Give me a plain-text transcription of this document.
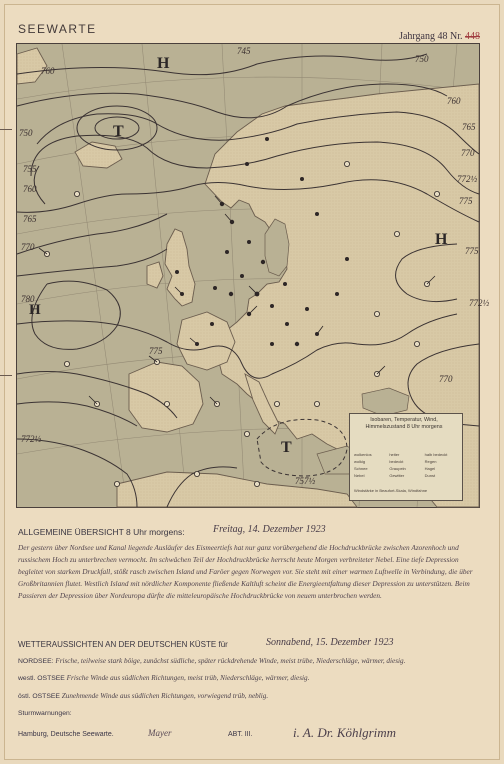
SEEWARTE
Jahrgang 48 Nr. 448
745
750
760
760
765
770
772½
775
775
772½
770
750
755
760
765
770
780
772½
775
757½
H
T
H
H
T
Isobaren, Temperatur, Wind, Himmelszustand 8 Uhr morgens
wolkenlos	heiter	halb bedeckt
wolkig	bedeckt	Regen
Schnee	Graupeln	Hagel
Nebel	Gewitter	Dunst
Windstärke in Beaufort-Skala, Windfahne
ALLGEMEINE ÜBERSICHT 8 Uhr morgens:	Freitag, 14. Dezember 1923
Der gestern über Nordsee und Kanal liegende Ausläufer des Eismeertiefs hat nur ganz vorübergehend die Hochdruckbrücke zwischen Azorenhoch und russischem Hoch zu unterbrechen vermocht. Im schwächen Teil der Hochdruckbrücke herrscht heute Morgen verbreiteter Nebel. Eine tiefe Depression begleitet von starkem Druckfall, stößt rasch zwischen Island und Faröer gegen Norwegen vor. Sie steht mit einer warmen Luftwelle in Verbindung, die über Großbritannien flutet. Westlich Island mit nördlicher Komponente fließende Kaltluft scheint die Energieentfaltung dieser Depression zu unterstützen. Beim Passieren der Depression über Nordeuropa dürfte die mitteleuropäische Hochdruckbrücke von neuem unterbrochen werden.
WETTERAUSSICHTEN AN DER DEUTSCHEN KÜSTE für	Sonnabend, 15. Dezember 1923
NORDSEE: Frische, teilweise stark böige, zunächst südliche, später rückdrehende Winde, meist trübe, Niederschläge, wärmer, diesig.
westl. OSTSEE Frische Winde aus südlichen Richtungen, meist trüb, Niederschläge, wärmer, diesig.
östl. OSTSEE Zunehmende Winde aus südlichen Richtungen, vorwiegend trüb, neblig.
Sturmwarnungen:
Hamburg, Deutsche Seewarte.	Mayer	ABT. III.	i. A. Dr. Köhlgrimm
